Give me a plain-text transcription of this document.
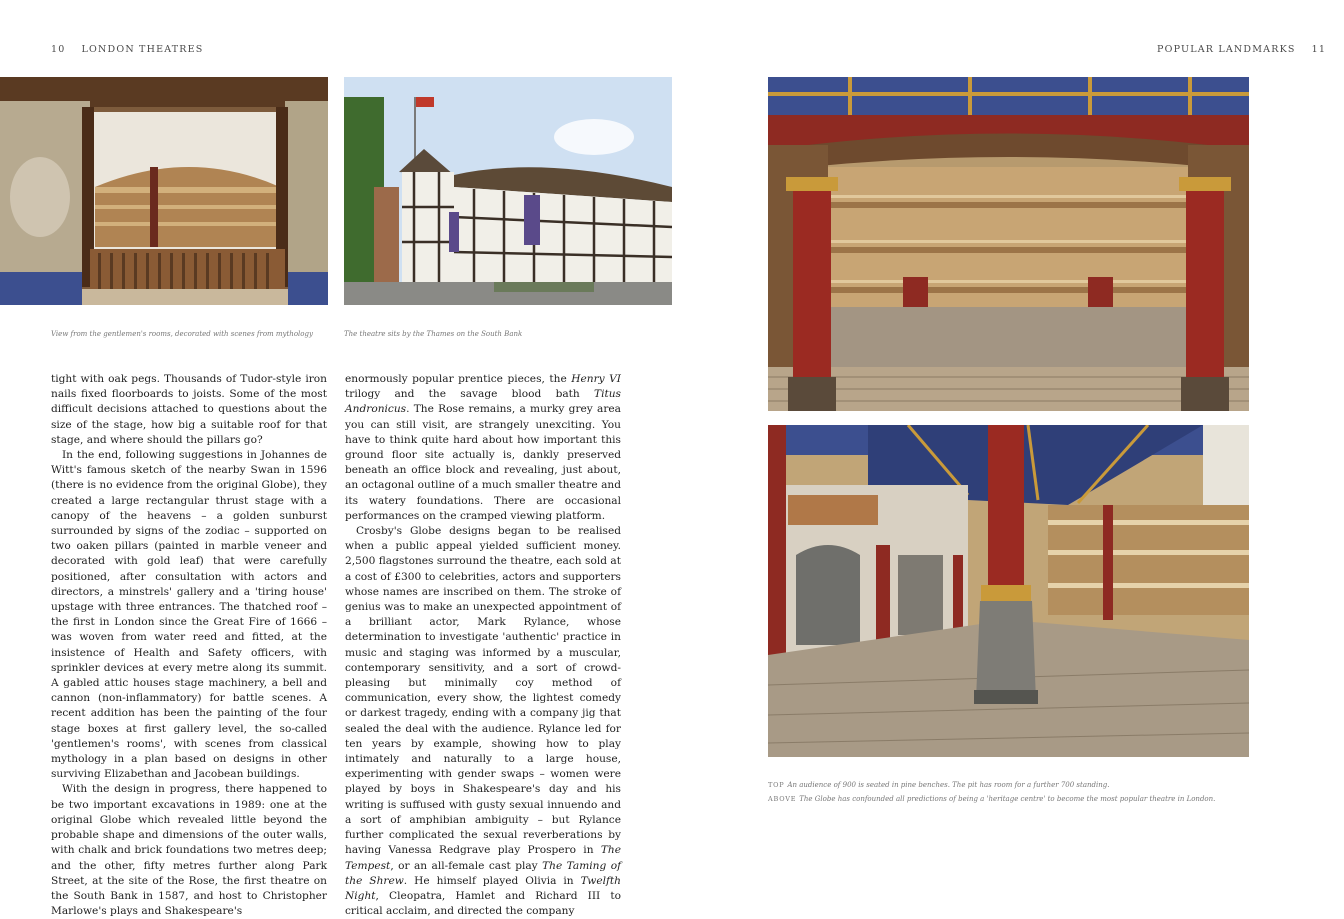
10 LONDON THEATRES	POPULAR LANDMARKS 11
View from the gentlemen's rooms, decorated with scenes from mythology	The theatre sits by the Thames on the South Bank

tight with oak pegs. Thousands of Tudor-style iron nails fixed floorboards to joists. Some of the most difficult decisions attached to questions about the size of the stage, how big a suitable roof for that stage, and where should the pillars go?

In the end, following suggestions in Johannes de Witt's famous sketch of the nearby Swan in 1596 (there is no evidence from the original Globe), they created a large rectangular thrust stage with a canopy of the heavens – a golden sunburst surrounded by signs of the zodiac – supported on two oaken pillars (painted in marble veneer and decorated with gold leaf) that were carefully positioned, after consultation with actors and directors, a minstrels' gallery and a 'tiring house' upstage with three entrances. The thatched roof – the first in London since the Great Fire of 1666 – was woven from water reed and fitted, at the insistence of Health and Safety officers, with sprinkler devices at every metre along its summit. A gabled attic houses stage machinery, a bell and cannon (non-inflammatory) for battle scenes. A recent addition has been the painting of the four stage boxes at first gallery level, the so-called 'gentlemen's rooms', with scenes from classical mythology in a plan based on designs in other surviving Elizabethan and Jacobean buildings.

With the design in progress, there happened to be two important excavations in 1989: one at the original Globe which revealed little beyond the probable shape and dimensions of the outer walls, with chalk and brick foundations two metres deep; and the other, fifty metres further along Park Street, at the site of the Rose, the first theatre on the South Bank in 1587, and host to Christopher Marlowe's plays and Shakespeare's

enormously popular prentice pieces, the Henry VI trilogy and the savage blood bath Titus Andronicus. The Rose remains, a murky grey area you can still visit, are strangely unexciting. You have to think quite hard about how important this ground floor site actually is, dankly preserved beneath an office block and revealing, just about, an octagonal outline of a much smaller theatre and its watery foundations. There are occasional performances on the cramped viewing platform.

Crosby's Globe designs began to be realised when a public appeal yielded sufficient money. 2,500 flagstones surround the theatre, each sold at a cost of £300 to celebrities, actors and supporters whose names are inscribed on them. The stroke of genius was to make an unexpected appointment of a brilliant actor, Mark Rylance, whose determination to investigate 'authentic' practice in music and staging was informed by a muscular, contemporary sensitivity, and a sort of crowd-pleasing but minimally coy method of communication, every show, the lightest comedy or darkest tragedy, ending with a company jig that sealed the deal with the audience. Rylance led for ten years by example, showing how to play intimately and naturally to a large house, experimenting with gender swaps – women were played by boys in Shakespeare's day and his writing is suffused with gusty sexual innuendo and a sort of amphibian ambiguity – but Rylance further complicated the sexual reverberations by having Vanessa Redgrave play Prospero in The Tempest, or an all-female cast play The Taming of the Shrew. He himself played Olivia in Twelfth Night, Cleopatra, Hamlet and Richard III to critical acclaim, and directed the company

TOP An audience of 900 is seated in pine benches. The pit has room for a further 700 standing.
ABOVE The Globe has confounded all predictions of being a 'heritage centre' to become the most popular theatre in London.
